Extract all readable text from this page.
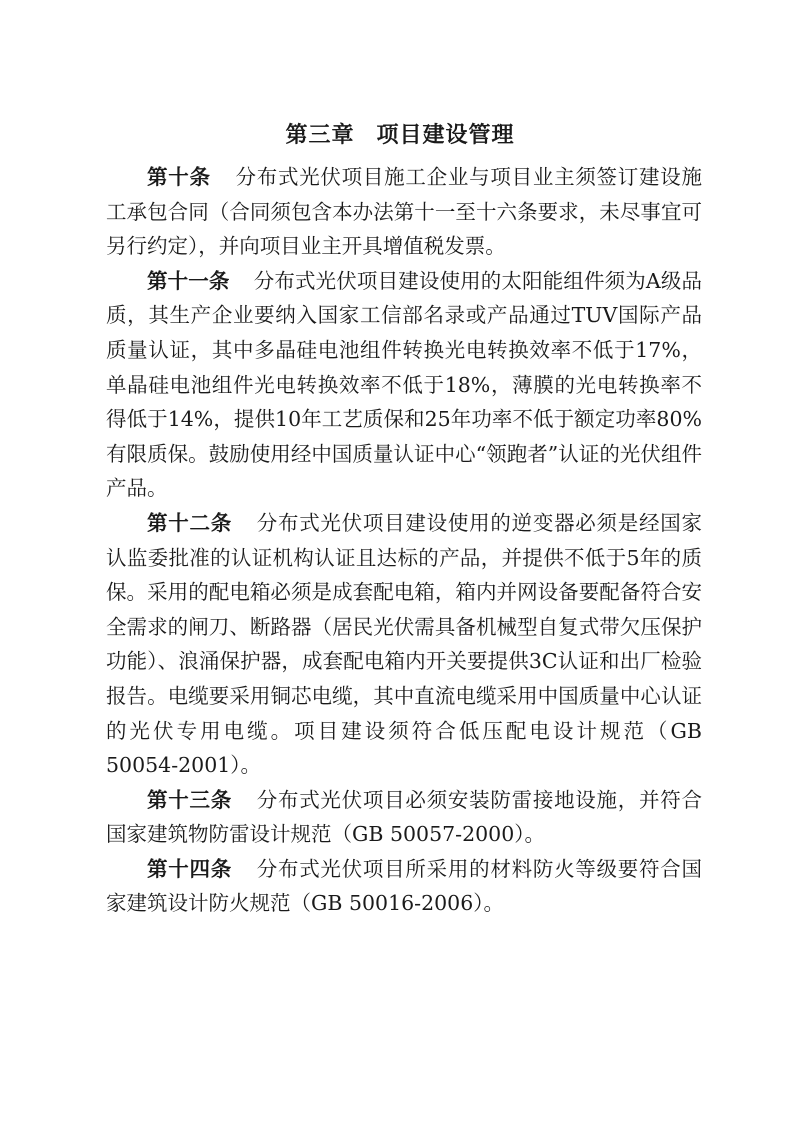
第三章 项目建设管理

第十条 分布式光伏项目施工企业与项目业主须签订建设施工承包合同（合同须包含本办法第十一至十六条要求，未尽事宜可另行约定），并向项目业主开具增值税发票。

第十一条 分布式光伏项目建设使用的太阳能组件须为A级品质，其生产企业要纳入国家工信部名录或产品通过TUV国际产品质量认证，其中多晶硅电池组件转换光电转换效率不低于17%，单晶硅电池组件光电转换效率不低于18%，薄膜的光电转换率不得低于14%，提供10年工艺质保和25年功率不低于额定功率80%有限质保。鼓励使用经中国质量认证中心“领跑者”认证的光伏组件产品。

第十二条 分布式光伏项目建设使用的逆变器必须是经国家认监委批准的认证机构认证且达标的产品，并提供不低于5年的质保。采用的配电箱必须是成套配电箱，箱内并网设备要配备符合安全需求的闸刀、断路器（居民光伏需具备机械型自复式带欠压保护功能）、浪涌保护器，成套配电箱内开关要提供3C认证和出厂检验报告。电缆要采用铜芯电缆，其中直流电缆采用中国质量中心认证的光伏专用电缆。项目建设须符合低压配电设计规范（GB 50054-2001）。

第十三条 分布式光伏项目必须安装防雷接地设施，并符合国家建筑物防雷设计规范（GB 50057-2000）。

第十四条 分布式光伏项目所采用的材料防火等级要符合国家建筑设计防火规范（GB 50016-2006）。
